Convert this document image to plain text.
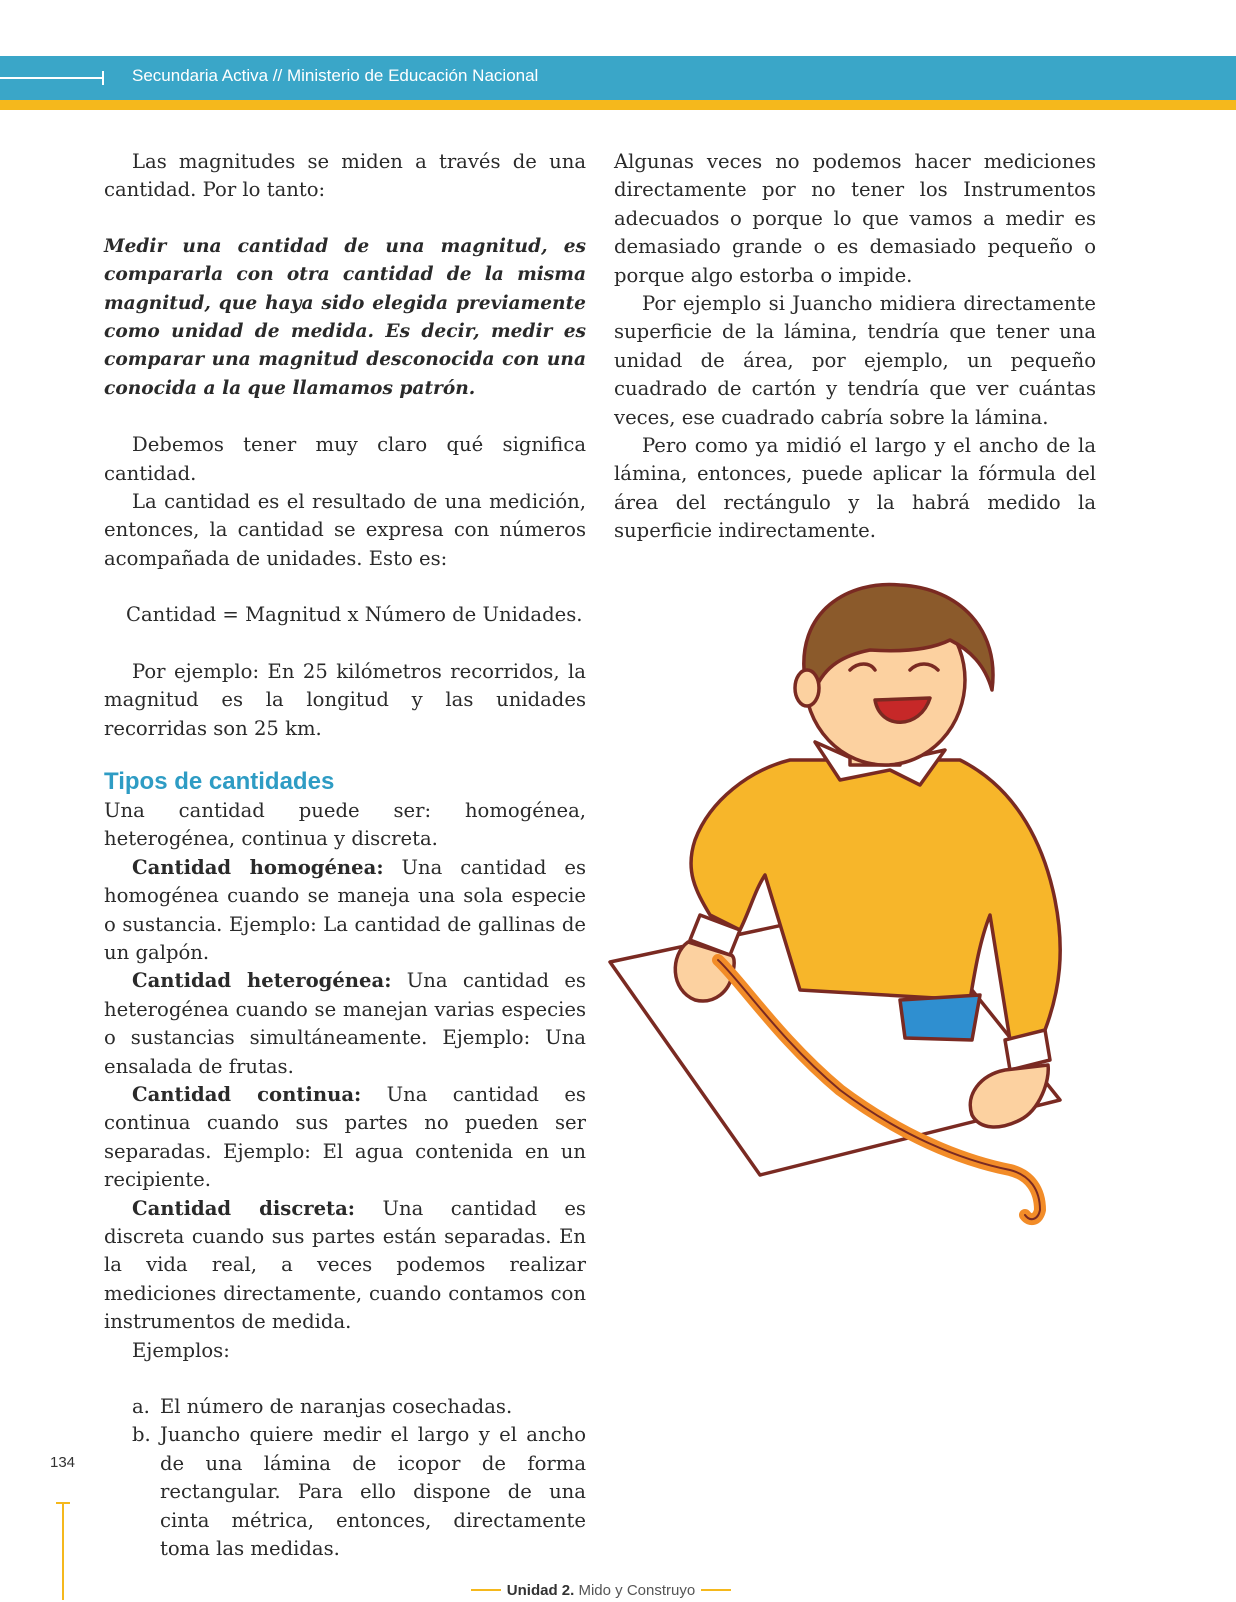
Secundaria Activa // Ministerio de Educación Nacional

Las magnitudes se miden a través de una cantidad. Por lo tanto:

Medir una cantidad de una magnitud, es compararla con otra cantidad de la misma magnitud, que haya sido elegida previamente como unidad de medida. Es decir, medir es comparar una magnitud desconocida con una conocida a la que llamamos patrón.

Debemos tener muy claro qué significa cantidad.

La cantidad es el resultado de una medición, entonces, la cantidad se expresa con números acompañada de unidades. Esto es:

Cantidad = Magnitud x Número de Unidades.

Por ejemplo: En 25 kilómetros recorridos, la magnitud es la longitud y las unidades recorridas son 25 km.

Tipos de cantidades

Una cantidad puede ser: homogénea, heterogénea, continua y discreta.

Cantidad homogénea: Una cantidad es homogénea cuando se maneja una sola especie o sustancia. Ejemplo: La cantidad de gallinas de un galpón.

Cantidad heterogénea: Una cantidad es heterogénea cuando se manejan varias especies o sustancias simultáneamente. Ejemplo: Una ensalada de frutas.

Cantidad continua: Una cantidad es continua cuando sus partes no pueden ser separadas. Ejemplo: El agua contenida en un recipiente.

Cantidad discreta: Una cantidad es discreta cuando sus partes están separadas. En la vida real, a veces podemos realizar mediciones directamente, cuando contamos con instrumentos de medida.

Ejemplos:

a. El número de naranjas cosechadas.
b. Juancho quiere medir el largo y el ancho de una lámina de icopor de forma rectangular. Para ello dispone de una cinta métrica, entonces, directamente toma las medidas.

Algunas veces no podemos hacer mediciones directamente por no tener los Instrumentos adecuados o porque lo que vamos a medir es demasiado grande o es demasiado pequeño o porque algo estorba o impide.

Por ejemplo si Juancho midiera directamente superficie de la lámina, tendría que tener una unidad de área, por ejemplo, un pequeño cuadrado de cartón y tendría que ver cuántas veces, ese cuadrado cabría sobre la lámina.

Pero como ya midió el largo y el ancho de la lámina, entonces, puede aplicar la fórmula del área del rectángulo y la habrá medido la superficie indirectamente.

134
Unidad 2. Mido y Construyo
